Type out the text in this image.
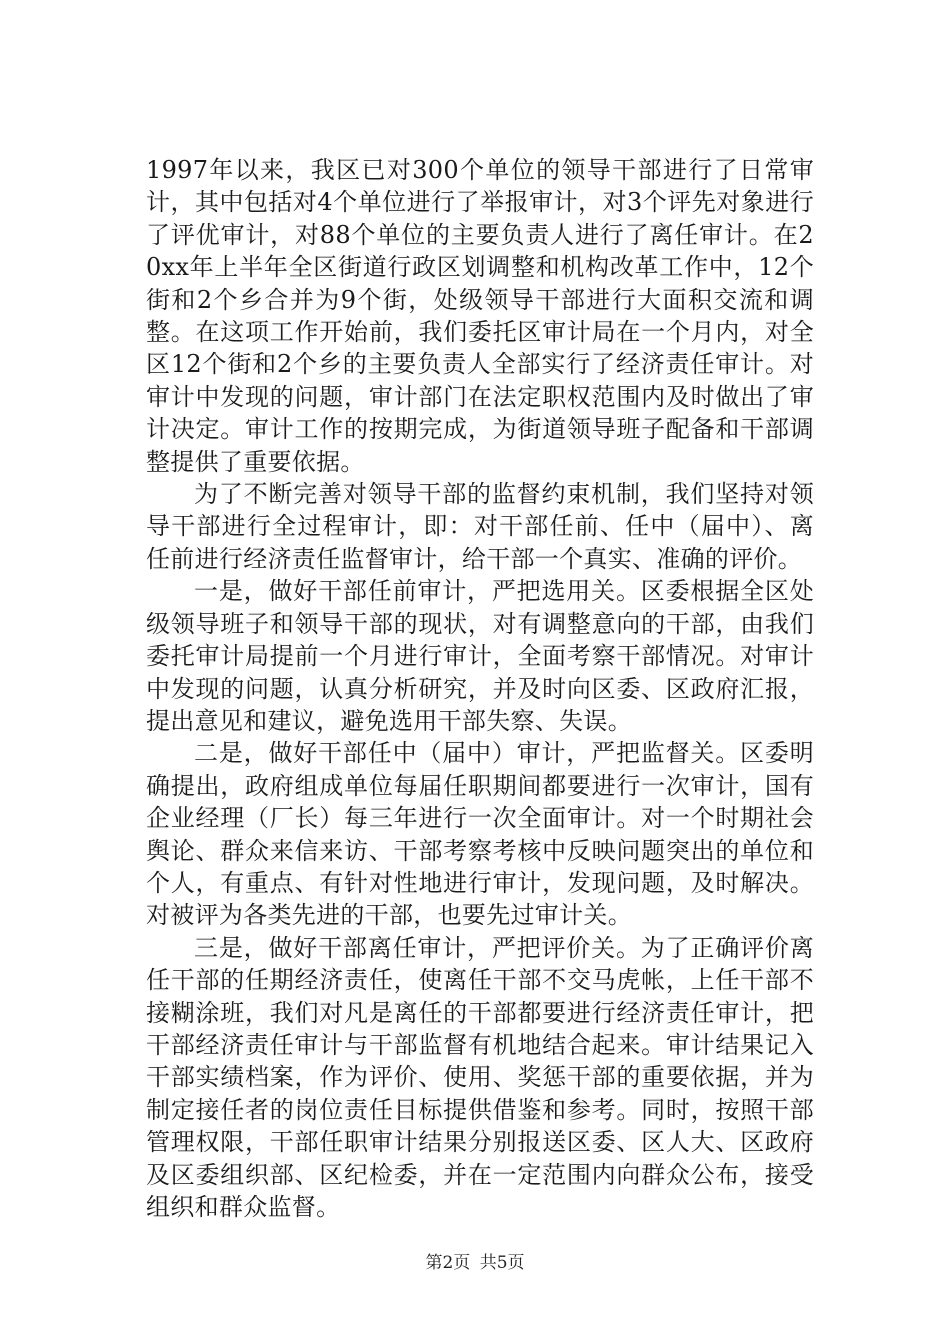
1997年以来，我区已对300个单位的领导干部进行了日常审计，其中包括对4个单位进行了举报审计，对3个评先对象进行了评优审计，对88个单位的主要负责人进行了离任审计。在20xx年上半年全区街道行政区划调整和机构改革工作中，12个街和2个乡合并为9个街，处级领导干部进行大面积交流和调整。在这项工作开始前，我们委托区审计局在一个月内，对全区12个街和2个乡的主要负责人全部实行了经济责任审计。对审计中发现的问题，审计部门在法定职权范围内及时做出了审计决定。审计工作的按期完成，为街道领导班子配备和干部调整提供了重要依据。

为了不断完善对领导干部的监督约束机制，我们坚持对领导干部进行全过程审计，即：对干部任前、任中（届中）、离任前进行经济责任监督审计，给干部一个真实、准确的评价。

一是，做好干部任前审计，严把选用关。区委根据全区处级领导班子和领导干部的现状，对有调整意向的干部，由我们委托审计局提前一个月进行审计，全面考察干部情况。对审计中发现的问题，认真分析研究，并及时向区委、区政府汇报，提出意见和建议，避免选用干部失察、失误。

二是，做好干部任中（届中）审计，严把监督关。区委明确提出，政府组成单位每届任职期间都要进行一次审计，国有企业经理（厂长）每三年进行一次全面审计。对一个时期社会舆论、群众来信来访、干部考察考核中反映问题突出的单位和个人，有重点、有针对性地进行审计，发现问题，及时解决。对被评为各类先进的干部，也要先过审计关。

三是，做好干部离任审计，严把评价关。为了正确评价离任干部的任期经济责任，使离任干部不交马虎帐，上任干部不接糊涂班，我们对凡是离任的干部都要进行经济责任审计，把干部经济责任审计与干部监督有机地结合起来。审计结果记入干部实绩档案，作为评价、使用、奖惩干部的重要依据，并为制定接任者的岗位责任目标提供借鉴和参考。同时，按照干部管理权限，干部任职审计结果分别报送区委、区人大、区政府及区委组织部、区纪检委，并在一定范围内向群众公布，接受组织和群众监督。

第2页 共5页
